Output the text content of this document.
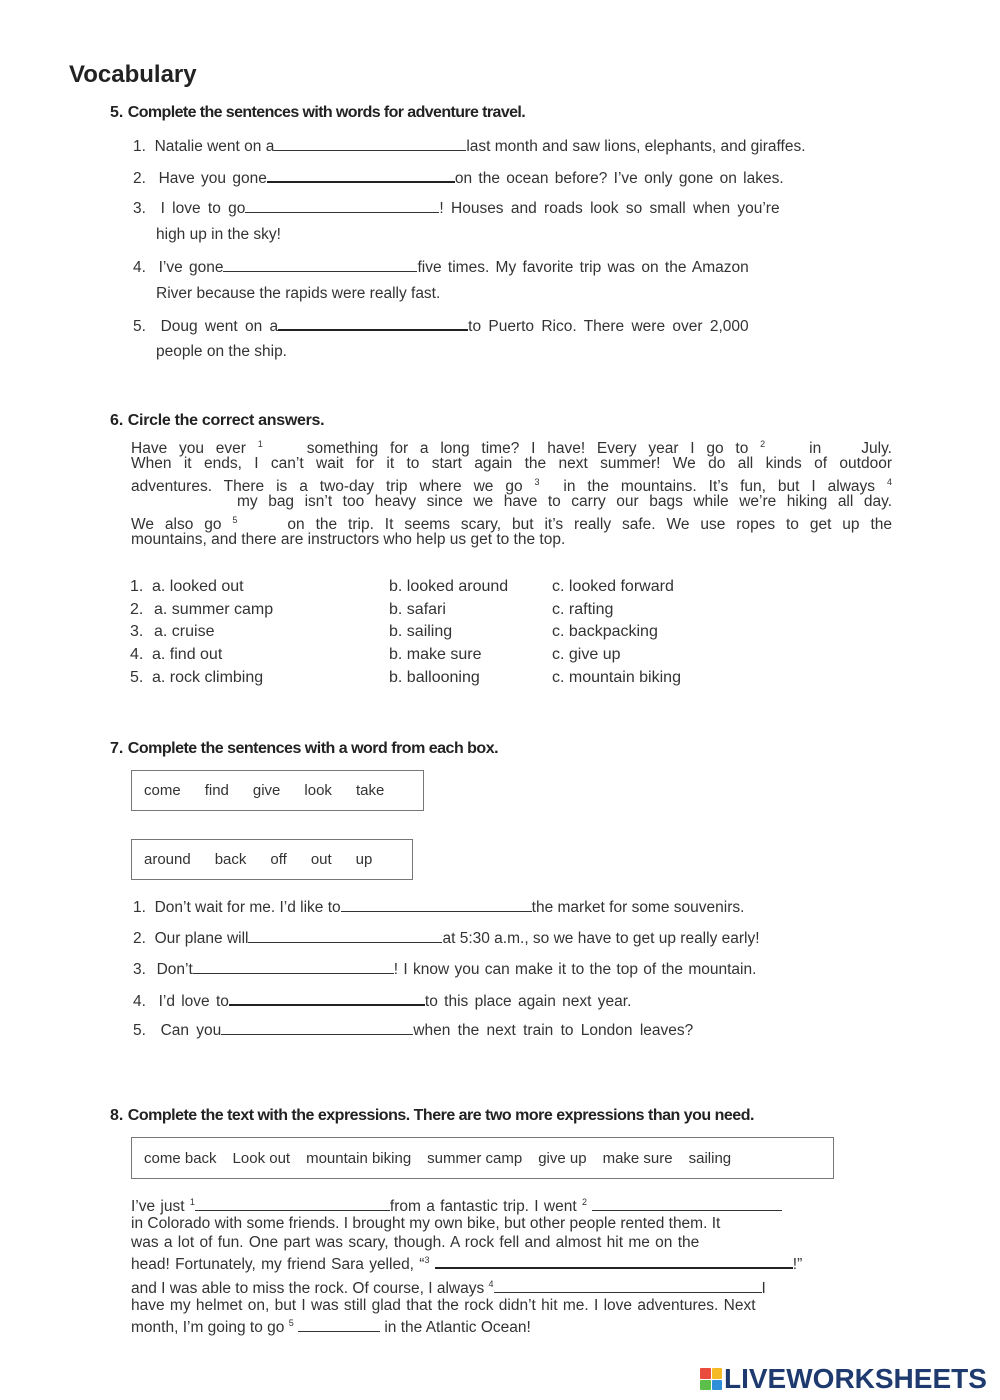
Vocabulary
5. Complete the sentences with words for adventure travel.
1. Natalie went on a	last month and saw lions, elephants, and giraffes.
2. Have you gone	on the ocean before? I’ve only gone on lakes.
3. I love to go	! Houses and roads look so small when you’re
high up in the sky!
4. I’ve gone	five times. My favorite trip was on the Amazon
River because the rapids were really fast.
5. Doug went on a	to Puerto Rico. There were over 2,000
people on the ship.
6. Circle the correct answers.
Have you ever $^1$	something for a long time? I have! Every year I go to $^2$	in	July.
When it ends, I can’t wait for it to start again the next summer! We do all kinds of outdoor
adventures. There is a two-day trip where we go $^3$ in the mountains. It’s fun, but I always $^4$
my bag isn’t too heavy since we have to carry our bags while we’re hiking all day.
We also go $^5$	on the trip. It seems scary, but it’s really safe. We use ropes to get up the
mountains, and there are instructors who help us get to the top.
1. a. looked out	b. looked around	c. looked forward
2. a. summer camp	b. safari	c. rafting
3. a. cruise	b. sailing	c. backpacking
4. a. find out	b. make sure	c. give up
5. a. rock climbing	b. ballooning	c. mountain biking
7. Complete the sentences with a word from each box.
come find give look take
around back off out up
1. Don’t wait for me. I’d like to	the market for some souvenirs.
2. Our plane will	at 5:30 a.m., so we have to get up really early!
3. Don’t	! I know you can make it to the top of the mountain.
4. I’d love to	to this place again next year.
5. Can you	when the next train to London leaves?
8. Complete the text with the expressions. There are two more expressions than you need.
come back Look out mountain biking summer camp give up make sure sailing
I’ve just $^1$	from a fantastic trip. I went $^2$
in Colorado with some friends. I brought my own bike, but other people rented them. It
was a lot of fun. One part was scary, though. A rock fell and almost hit me on the
head! Fortunately, my friend Sara yelled, “$^3$	!”
and I was able to miss the rock. Of course, I always $^4$	I
have my helmet on, but I was still glad that the rock didn’t hit me. I love adventures. Next
month, I’m going to go $^5$	in the Atlantic Ocean!
LIVEWORKSHEETS
